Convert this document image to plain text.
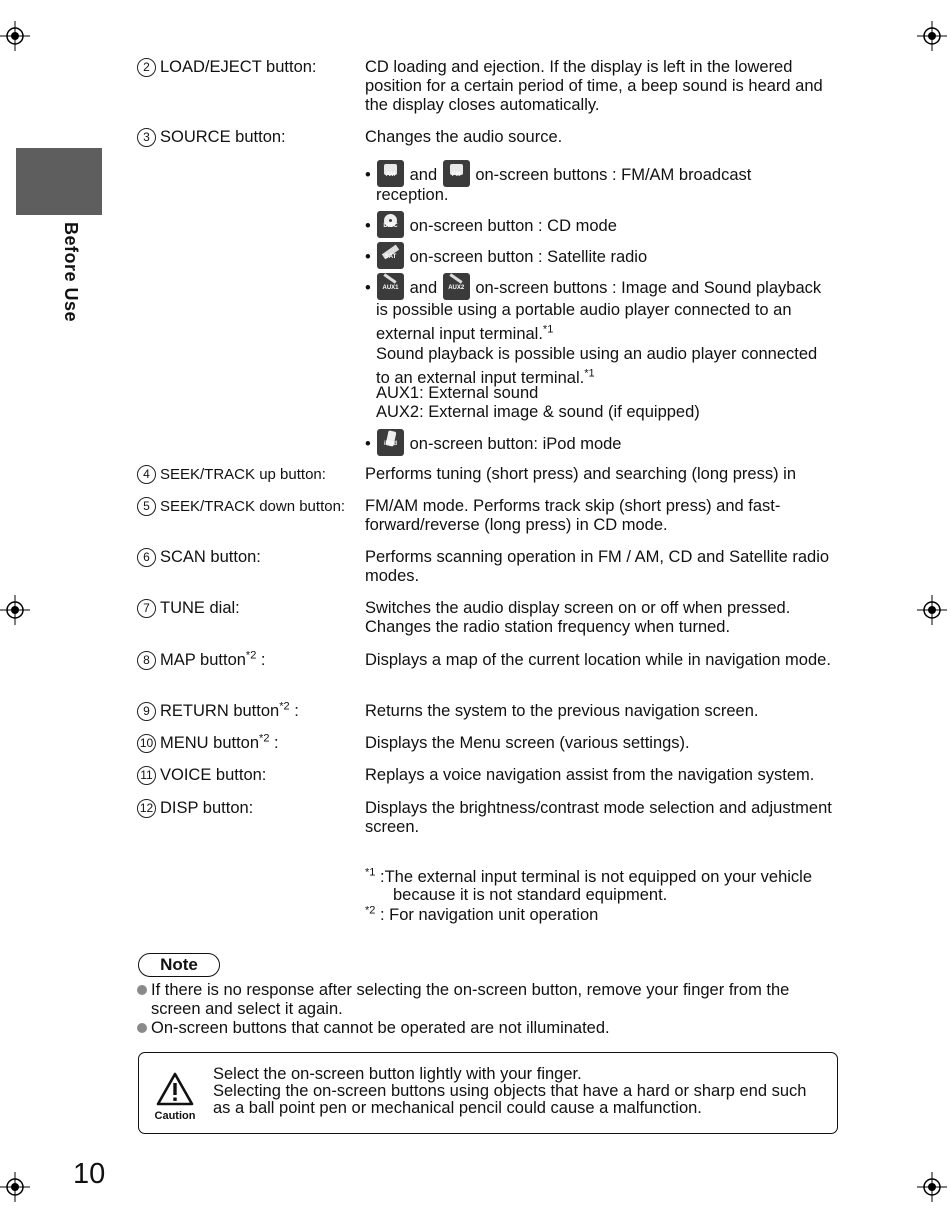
Before Use
2 LOAD/EJECT button:	CD loading and ejection. If the display is left in the lowered position for a certain period of time, a beep sound is heard and the display closes automatically.
3 SOURCE button:	Changes the audio source.
•	AM and	FM on-screen buttons : FM/AM broadcast
reception.
•	DISC on-screen button : CD mode
•	SAT on-screen button : Satellite radio
•	AUX1 and	AUX2 on-screen buttons : Image and Sound playback
is possible using a portable audio player connected to an
external input terminal.$^{*1}$

Sound playback is possible using an audio player connected
to an external input terminal.$^{*1}$
AUX1: External sound
AUX2: External image & sound (if equipped)
•	iPod on-screen button: iPod mode
4 SEEK/TRACK up button: Performs tuning (short press) and searching (long press) in
5 SEEK/TRACK down button: FM/AM mode. Performs track skip (short press) and fast-forward/reverse (long press) in CD mode.
6 SCAN button:	Performs scanning operation in FM / AM, CD and Satellite radio modes.
7 TUNE dial:	Switches the audio display screen on or off when pressed. Changes the radio station frequency when turned.
8 MAP button$^{*2}$ :	Displays a map of the current location while in navigation mode.
9 RETURN button$^{*2}$ :	Returns the system to the previous navigation screen.
10 MENU button$^{*2}$ :	Displays the Menu screen (various settings).
11 VOICE button:	Replays a voice navigation assist from the navigation system.
12 DISP button:	Displays the brightness/contrast mode selection and adjustment screen.
$^{*1}$ :The external input terminal is not equipped on your vehicle
because it is not standard equipment.

$^{*2}$ : For navigation unit operation
Note
If there is no response after selecting the on-screen button, remove your finger from the
screen and select it again.
On-screen buttons that cannot be operated are not illuminated.
Caution
Select the on-screen button lightly with your finger.
Selecting the on-screen buttons using objects that have a hard or sharp end such
as a ball point pen or mechanical pencil could cause a malfunction.
10
